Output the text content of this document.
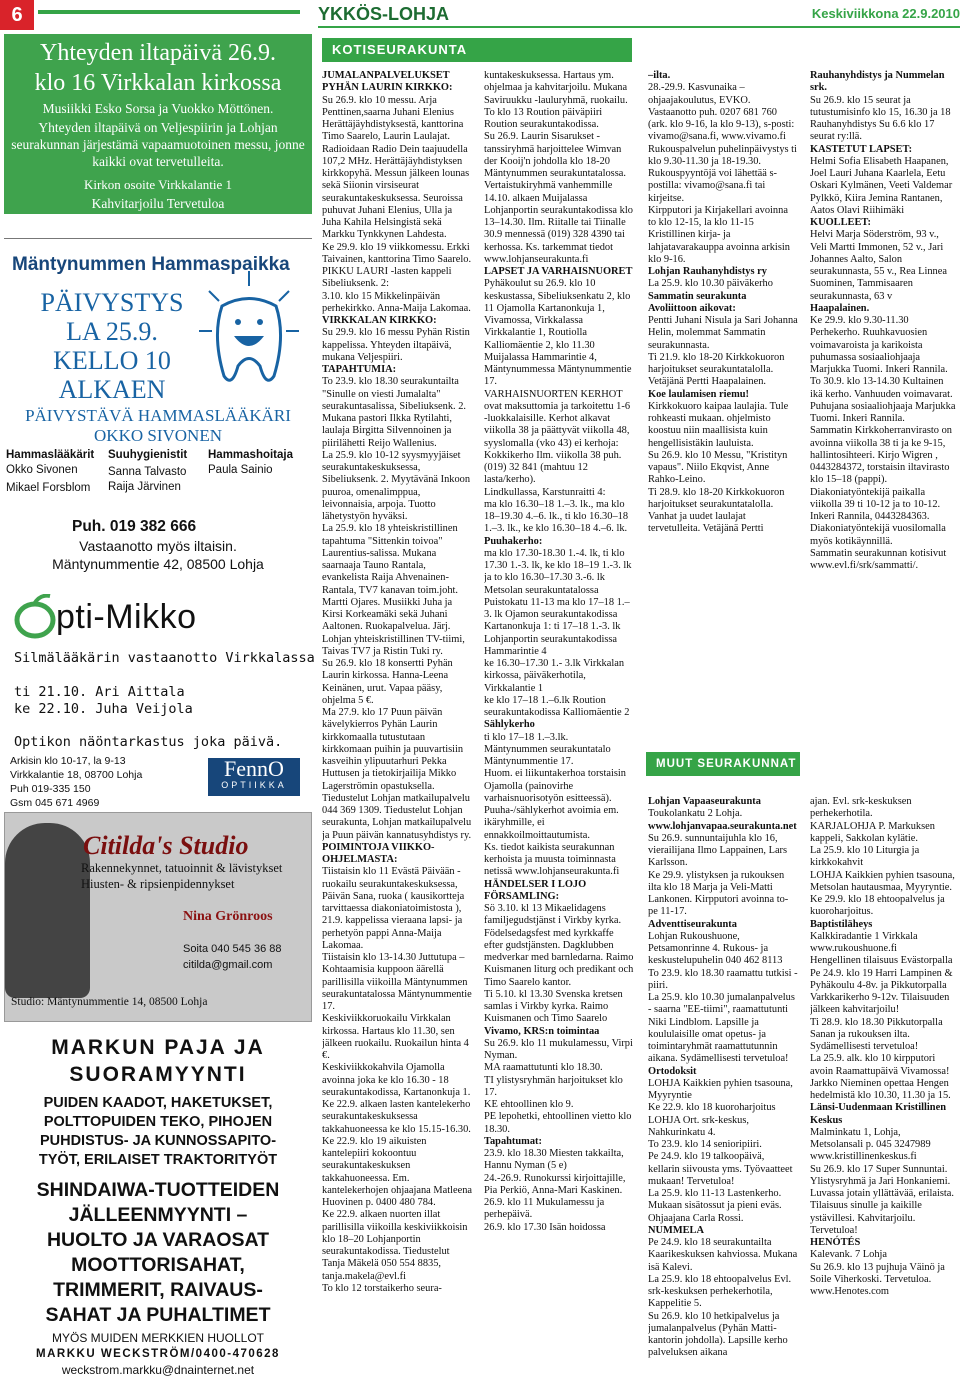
6	YKKÖS-LOHJA	Keskiviikkona 22.9.2010
Yhteyden iltapäivä 26.9.
klo 16 Virkkalan kirkossa
Musiikki Esko Sorsa ja Vuokko Möttönen.
Yhteyden iltapäivä on Veljespiirin ja Lohjan seurakunnan järjestämä vapaamuotoinen messu, jonne kaikki ovat tervetulleita.
Kirkon osoite Virkkalantie 1
Kahvitarjoilu Tervetuloa
Mäntynummen Hammaspaikka
PÄIVYSTYS
LA 25.9.
KELLO 10
ALKAEN
PÄIVYSTÄVÄ HAMMASLÄÄKÄRI
OKKO SIVONEN
Hammaslääkärit
Okko Sivonen
Mikael Forsblom
Suuhygienistit
Sanna Talvasto
Raija Järvinen
Hammashoitaja
Paula Sainio
Puh. 019 382 666
Vastaanotto myös iltaisin.
Mäntynummentie 42, 08500 Lohja
pti-Mikko
Silmälääkärin vastaanotto Virkkalassa
ti 21.10. Ari Aittala
ke 22.10. Juha Veijola
Optikon näöntarkastus joka päivä.
Arkisin klo 10-17, la 9-13
Virkkalantie 18, 08700 Lohja
Puh 019-335 150
Gsm 045 671 4969
FennO
OPTIIKKA
Citilda's Studio
Rakennekynnet, tatuoinnit & lävistykset
Hiusten- & ripsienpidennykset
Nina Grönroos
Soita 040 545 36 88
citilda@gmail.com
Studio: Mäntynummentie 14, 08500 Lohja
MARKUN PAJA JA
SUORAMYYNTI
PUIDEN KAADOT, HAKETUKSET,
POLTTOPUIDEN TEKO, PIHOJEN
PUHDISTUS- JA KUNNOSSAPITO-
TYÖT, ERILAISET TRAKTORITYÖT
SHINDAIWA-TUOTTEIDEN
JÄLLEENMYYNTI –
HUOLTO JA VARAOSAT
MOOTTORISAHAT,
TRIMMERIT, RAIVAUS-
SAHAT JA PUHALTIMET
MYÖS MUIDEN MERKKIEN HUOLLOT
MARKKU WECKSTRÖM/0400-470628
weckstrom.markku@dnainternet.net
KOTISEURAKUNTA
MUUT SEURAKUNNAT

JUMALANPALVELUKSET

PYHÄN LAURIN KIRKKO:

Su 26.9. klo 10 messu. Arja Penttinen,saarna Juhani Elenius Herättäjäyhdistyksestä, kanttorina Timo Saarelo, Laurin Laulajat. Radioidaan Radio Dein taajuudella 107,2 MHz. Herättäjäyhdistyksen kirkkopyhä. Messun jälkeen lounas sekä Siionin virsiseurat seurakuntakeskuksessa. Seuroissa puhuvat Juhani Elenius, Ulla ja Juha Kahila Helsingistä sekä Markku Tynkkynen Lahdesta.

Ke 29.9. klo 19 viikkomessu. Erkki Taivainen, kanttorina Timo Saarelo.

PIKKU LAURI -lasten kappeli Sibeliuksenk. 2:

3.10. klo 15 Mikkelinpäivän perhekirkko. Anna-Maija Lakomaa.

VIRKKALAN KIRKKO:

Su 29.9. klo 16 messu Pyhän Ristin kappelissa. Yhteyden iltapäivä, mukana Veljespiiri.

TAPAHTUMIA:

To 23.9. klo 18.30 seurakuntailta "Sinulle on viesti Jumalalta" seurakuntasalissa, Sibeliuksenk. 2. Mukana pastori Ilkka Rytilahti, laulaja Birgitta Silvennoinen ja piirilähetti Reijo Wallenius.

La 25.9. klo 10-12 syysmyyjäiset seurakuntakeskuksessa, Sibeliuksenk. 2. Myytävänä Inkoon puuroa, omenalimppua, leivonnaisia, arpoja. Tuotto lähetystyön hyväksi.

La 25.9. klo 18 yhteiskristillinen tapahtuma "Sittenkin toivoa" Laurentius-salissa. Mukana saarnaaja Tauno Rantala, evankelista Raija Ahvenainen-Rantala, TV7 kanavan toim.joht. Martti Ojares. Musiikki Juha ja Kirsi Korkeamäki sekä Juhani Aaltonen. Ruokapalvelua. Järj. Lohjan yhteiskristillinen TV-tiimi, Taivas TV7 ja Ristin Tuki ry.

Su 26.9. klo 18 konsertti Pyhän Laurin kirkossa. Hanna-Leena Keinänen, urut. Vapaa pääsy, ohjelma 5 €.

Ma 27.9. klo 17 Puun päivän kävelykierros Pyhän Laurin kirkkomaalla tutustutaan kirkkomaan puihin ja puuvartisiin kasveihin ylipuutarhuri Pekka Huttusen ja tietokirjailija Mikko Lagerströmin opastuksella. Tiedustelut Lohjan matkailupalvelu 044 369 1309. Tiedustelut Lohjan seurakunta, Lohjan matkailupalvelu ja Puun päivän kannatusyhdistys ry.

POIMINTOJA VIIKKO-OHJELMASTA:

Tiistaisin klo 11 Evästä Päivään -ruokailu seurakuntakeskuksessa, Päivän Sana, ruoka ( kausikorttejа tarvittaessa diakoniatoimistosta ), 21.9. kappelissa vieraana lapsi- ja perhetyön pappi Anna-Maija Lakomaa.

Tiistaisin klo 13-14.30 Juttutupa – Kohtaamisia kuppoon äärellä parillisilla viikoilla Mäntynummen seurakuntatalossa Mäntynummentie 17.

Keskiviikkoruokailu Virkkalan kirkossa. Hartaus klo 11.30, sen jälkeen ruokailu. Ruokailun hinta 4 €.

Keskiviikkokahvila Ojamolla avoinna joka ke klo 16.30 - 18 seurakuntakodissa, Kartanonkuja 1.

Ke 22.9. alkaen lasten kantelekerho seurakuntakeskuksessa takkahuoneessa ke klo 15.15-16.30.

Ke 22.9. klo 19 aikuisten kantelepiiri kokoontuu seurakuntakeskuksen takkahuoneessa. Em. kantelekerhojen ohjaajana Matleena Huovinen p. 0400 480 784.

Ke 22.9. alkaen nuorten illat parillisilla viikoilla keskiviikkoisin klo 18–20 Lohjanportin seurakuntakodissa. Tiedustelut Tanja Mäkelä 050 554 8835, tanja.makela@evl.fi

To klo 12 torstaikerho seura-

kuntakeskuksessa. Hartaus ym. ohjelmaa ja kahvitarjoilu. Mukana Saviruukku -lauluryhmä, ruokailu.

To klo 13 Roution päiväpiiri Roution seurakuntakodissa.

Su 26.9. Laurin Sisarukset -tanssiryhmä harjoittelee Wimvan der Kooij'n johdolla klo 18-20 Mäntynummen seurakuntatalossa.

Vertaistukiryhmä vanhemmille 14.10. alkaen Muijalassa Lohjanportin seurakuntakodissa klo 13–14.30. Ilm. Riitalle tai Tiinalle 30.9 mennessä (019) 328 4390 tai kerhossa. Ks. tarkemmat tiedot www.lohjanseurakunta.fi

LAPSET JA VARHAISNUORET

Pyhäkoulut su 26.9. klo 10 keskustassa, Sibeliuksenkatu 2, klo 11 Ojamolla Kartanonkuja 1, Vivamossa, Virkkalassa Virkkalantie 1, Routiolla Kalliomäentie 2, klo 11.30 Muijalassa Hammarintie 4, Mäntynummessa Mäntynummentie 17.

VARHAISNUORTEN KERHOT ovat maksuttomia ja tarkoitettu 1-6 -luokkalaisille. Kerhot alkavat viikolla 38 ja päättyvät viikolla 48, syyslomalla (vko 43) ei kerhoja:

Kokkikerho Ilm. viikolla 38 puh. (019) 32 841 (mahtuu 12 lasta/kerho).

Lindkullassa, Karstunraitti 4:

ma klo 16.30–18 1.–3. lk., ma klo 18–19.30 4.–6. lk., ti klo 16.30–18 1.–3. lk., ke klo 16.30–18 4.–6. lk.

Puuhakerho:

ma klo 17.30-18.30 1.-4. lk, ti klo 17.30 1.-3. lk, ke klo 18–19 1.-3. lk ja to klo 16.30–17.30 3.-6. lk Metsolan seurakuntatalossa Puistokatu 11-13 ma klo 17–18 1.–3. lk Ojamon seurakuntakodissa Kartanonkuja 1: ti 17–18 1.-3. lk Lohjanportin seurakuntakodissa Hammarintie 4

ke 16.30–17.30 1.- 3.lk Virkkalan kirkossa, päiväkerhotila, Virkkalantie 1

ke klo 17–18 1.–6.lk Roution seurakuntakodissa Kalliomäentie 2

Sählykerho

ti klo 17–18 1.–3.lk. Mäntynummen seurakuntatalo Mäntynummentie 17.

Huom. ei liikuntakerhoa torstaisin Ojamolla (painovirhe varhaisnuorisotyön esitteessä). Puuha-/sählykerhot avoimia em. ikäryhmille, ei ennakkoilmoittautumista.

Ks. tiedot kaikista seurakunnan kerhoista ja muusta toiminnasta netissä www.lohjanseurakunta.fi

HÄNDELSER I LOJO FÖRSAMLING:

Sö 3.10. kl 13 Mikaelidagens familjegudstjänst i Virkby kyrka. Födelsedagsfest med kyrkkaffe efter gudstjänsten. Dagklubben medverkar med barnledarna. Raimo Kuismanen liturg och predikant och Timo Saarelo kantor.

Ti 5.10. kl 13.30 Svenska kretsen samlas i Virkby kyrka. Raimo Kuismanen och Timo Saarelo

Vivamo, KRS:n toimintaa

Su 26.9. klo 11 mukulamessu, Virpi Nyman.

MA raamattutunti klo 18.30.

TI ylistysryhmän harjoitukset klo 17.

KE ehtoollinen klo 9.

PE lepohetki, ehtoollinen vietto klo 18.30.

Tapahtumat:

23.9. klo 18.30 Miesten takkailta, Hannu Nyman (5 e)

24.-26.9. Runokurssi kirjoittajille, Pia Perkiö, Anna-Mari Kaskinen.

26.9. klo 11 Mukulamessu ja perhepäivä.

26.9. klo 17.30 Isän hoidossa

–ilta.

28.-29.9. Kasvunaika –ohjaajakoulutus, EVKO.

Vastaanotto puh. 0207 681 760 (ark. klo 9-16, la klo 9-13), s-posti: vivamo@sana.fi, www.vivamo.fi

Rukouspalvelun puhelinpäivystys ti klo 9.30-11.30 ja 18-19.30. Rukouspyyntöjä voi lähettää s-postilla: vivamo@sana.fi tai kirjeitse.

Kirpputori ja Kirjakellari avoinna to klo 12-15, la klo 11-15

Kristillinen kirja- ja lahjatavarakauppa avoinna arkisin klo 9-16.

Lohjan Rauhanyhdistys ry

La 25.9. klo 10.30 päiväkerho

Sammatin seurakunta

Avoliittoon aikovat:

Pentti Juhani Nisula ja Sari Johanna Helin, molemmat Sammatin seurakunnasta.

Ti 21.9. klo 18-20 Kirkkokuoron harjoitukset seurakuntatalolla. Vetäjänä Pertti Haapalainen.

Koe laulamisen riemu!

Kirkkokuoro kaipaa laulajia. Tule rohkeasti mukaan. ohjelmisto koostuu niin maallisista kuin hengellisistäkin lauluista.

Su 26.9. klo 10 Messu, "Kristityn vapaus". Niilo Ekqvist, Anne Rahko-Leino.

Ti 28.9. klo 18-20 Kirkkokuoron harjoitukset seurakuntatalolla. Vanhat ja uudet laulajat tervetulleita. Vetäjänä Pertti

Rauhanyhdistys ja Nummelan srk.

Su 26.9. klo 15 seurat ja tutustumisinfo klo 15, 16.30 ja 18 Rauhanyhdistys Su 6.6 klo 17 seurat ry:llä.

KASTETUT LAPSET:

Helmi Sofia Elisabeth Haapanen, Joel Lauri Juhana Kaarlela, Eetu Oskari Kylmänen, Veeti Valdemar Pylkkö, Kiira Jemina Rantanen, Aatos Olavi Riihimäki

KUOLLEET:

Helvi Marja Söderström, 93 v., Veli Martti Immonen, 52 v., Jari Johannes Aalto, Salon seurakunnasta, 55 v., Rea Linnea Suominen, Tammisaaren seurakunnasta, 63 v

Haapalainen.

Ke 29.9. klo 9.30-11.30 Perhekerho. Ruuhkavuosien voimavaroista ja karikoista puhumassa sosiaaliohjaaja Marjukka Tuomi. Inkeri Rannila.

To 30.9. klo 13-14.30 Kultainen ikä kerho. Vanhuuden voimavarat. Puhujana sosiaaliohjaaja Marjukka Tuomi. Inkeri Rannila.

Sammatin Kirkkoherranvirasto on avoinna viikolla 38 ti ja ke 9-15, hallintosihteeri. Kirjo Wigren , 0443284372, torstaisin iltavirasto klo 15–18 (pappi). Diakoniatyöntekijä paikalla viikolla 39 ti 10-12 ja to 10-12. Inkeri Rannila, 0443284363. Diakoniatyöntekijä vuosilomalla myös kotikäynnillä.

Sammatin seurakunnan kotisivut www.evl.fi/srk/sammatti/.

Lohjan Vapaaseurakunta

Toukolankatu 2 Lohja.

www.lohjanvapaa.seurakunta.net

Su 26.9. sunnuntaijuhla klo 16, vierailijana Ilmo Lappainen, Lars Karlsson.

Ke 29.9. ylistyksen ja rukouksen ilta klo 18 Marja ja Veli-Matti Lankonen. Kirpputori avoinna to-pe 11-17.

Adventtiseurakunta

Lohjan Rukoushuone, Petsamonrinne 4. Rukous- ja keskustelupuhelin 040 462 8113

To 23.9. klo 18.30 raamattu tutkisi -piiri.

La 25.9. klo 10.30 jumalanpalvelus - saarna "EE-tiimi", raamattutunti Niki Lindblom. Lapsille ja koululaisille omat opetus- ja toimintaryhmät raamattutunnin aikana. Sydämellisesti tervetuloa!

Ortodoksit

LOHJA Kaikkien pyhien tsasouna, Myyryntie

Ke 22.9. klo 18 kuoroharjoitus LOHJA Ort. srk-keskus, Nahkurinkatu 4.

To 23.9. klo 14 senioripiiri.

Pe 24.9. klo 19 talkoopäivä, kellarin siivousta yms. Työvaatteet mukaan! Tervetuloa!

La 25.9. klo 11-13 Lastenkerho. Mukaan sisätossut ja pieni eväs. Ohjaajana Carla Rossi.

NUMMELA

Pe 24.9. klo 18 seurakuntailta Kaarikeskuksen kahviossa. Mukana isä Kalevi.

La 25.9. klo 18 ehtoopalvelus Evl. srk-keskuksen perhekerhotila, Kappelitie 5.

Su 26.9. klo 10 hetkipalvelus ja jumalanpalvelus (Pyhän Matti-kantorin johdolla). Lapsille kerho palveluksen aikana

ajan. Evl. srk-keskuksen perhekerhotila.

KARJALOHJA P. Markuksen kappeli, Sakkolan kylätie.

La 25.9. klo 10 Liturgia ja kirkkokahvit

LOHJA Kaikkien pyhien tsasouna, Metsolan hautausmaa, Myyryntie.

Ke 29.9. klo 18 ehtoopalvelus ja kuoroharjoitus.

Baptistiläheys

Kalkkiradantie 1 Virkkala www.rukoushuone.fi

Hengellinen tilaisuus Evästorpalla Pe 24.9. klo 19 Harri Lampinen & Pyhäkoulu 4-8v. ja Pikkutorpalla Varkkarikerho 9-12v. Tilaisuuden jälkeen kahvitarjoilu!

Ti 28.9. klo 18.30 Pikkutorpalla Sanan ja rukouksen ilta. Sydämellisesti tervetuloa!

La 25.9. alk. klo 10 kirpputori avoin Raamattupäivä Vivamossa! Jarkko Nieminen opettaa Hengen hedelmistä klo 10.30, 11.30 ja 15.

Länsi-Uudenmaan Kristillinen Keskus

Malminkatu 1, Lohja, Metsolansali p. 045 3247989 www.kristillinenkeskus.fi

Su 26.9. klo 17 Super Sunnuntai. Ylistysryhmä ja Jari Honkaniemi. Luvassa jotain yllättävää, erilaista. Tilaisuus sinulle ja kaikille ystävillesi. Kahvitarjoilu. Tervetuloa!

HENÓTÉS

Kalevank. 7 Lohja

Su 26.9. klo 13 pujhuja Väinö ja Soile Viherkoski. Tervetuloa. www.Henotes.com
